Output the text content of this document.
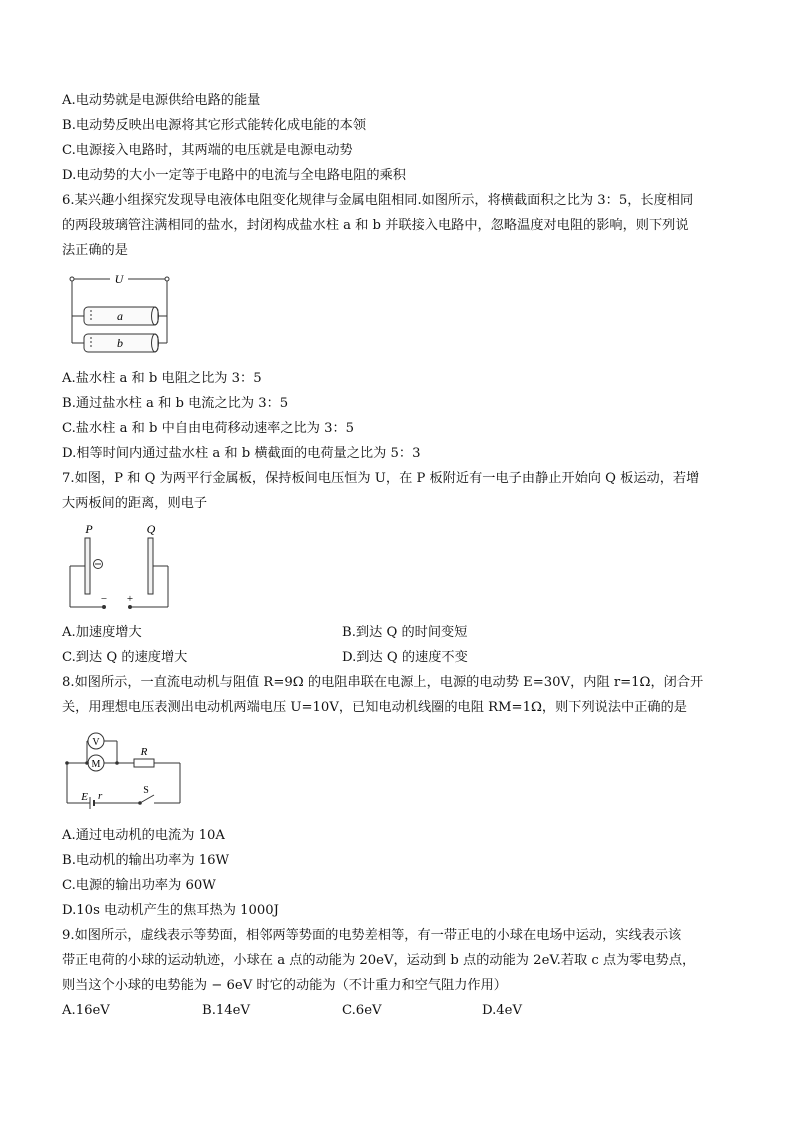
A.电动势就是电源供给电路的能量
B.电动势反映出电源将其它形式能转化成电能的本领
C.电源接入电路时，其两端的电压就是电源电动势
D.电动势的大小一定等于电路中的电流与全电路电阻的乘积
6.某兴趣小组探究发现导电液体电阻变化规律与金属电阻相同.如图所示，将横截面积之比为 3：5，长度相同
的两段玻璃管注满相同的盐水，封闭构成盐水柱 a 和 b 并联接入电路中，忽略温度对电阻的影响，则下列说
法正确的是
U
a
b
A.盐水柱 a 和 b 电阻之比为 3：5
B.通过盐水柱 a 和 b 电流之比为 3：5
C.盐水柱 a 和 b 中自由电荷移动速率之比为 3：5
D.相等时间内通过盐水柱 a 和 b 横截面的电荷量之比为 5：3
7.如图，P 和 Q 为两平行金属板，保持板间电压恒为 U，在 P 板附近有一电子由静止开始向 Q 板运动，若增
大两板间的距离，则电子
P	Q
− +
A.加速度增大	B.到达 Q 的时间变短
C.到达 Q 的速度增大	D.到达 Q 的速度不变
8.如图所示，一直流电动机与阻值 R=9Ω 的电阻串联在电源上，电源的电动势 E=30V，内阻 r=1Ω，闭合开
关，用理想电压表测出电动机两端电压 U=10V，已知电动机线圈的电阻 RM=1Ω，则下列说法中正确的是
V
M
R
E r	S
A.通过电动机的电流为 10A
B.电动机的输出功率为 16W
C.电源的输出功率为 60W
D.10s 电动机产生的焦耳热为 1000J
9.如图所示，虚线表示等势面，相邻两等势面的电势差相等，有一带正电的小球在电场中运动，实线表示该
带正电荷的小球的运动轨迹，小球在 a 点的动能为 20eV，运动到 b 点的动能为 2eV.若取 c 点为零电势点，
则当这个小球的电势能为 − 6eV 时它的动能为（不计重力和空气阻力作用）
A.16eV	B.14eV	C.6eV	D.4eV
